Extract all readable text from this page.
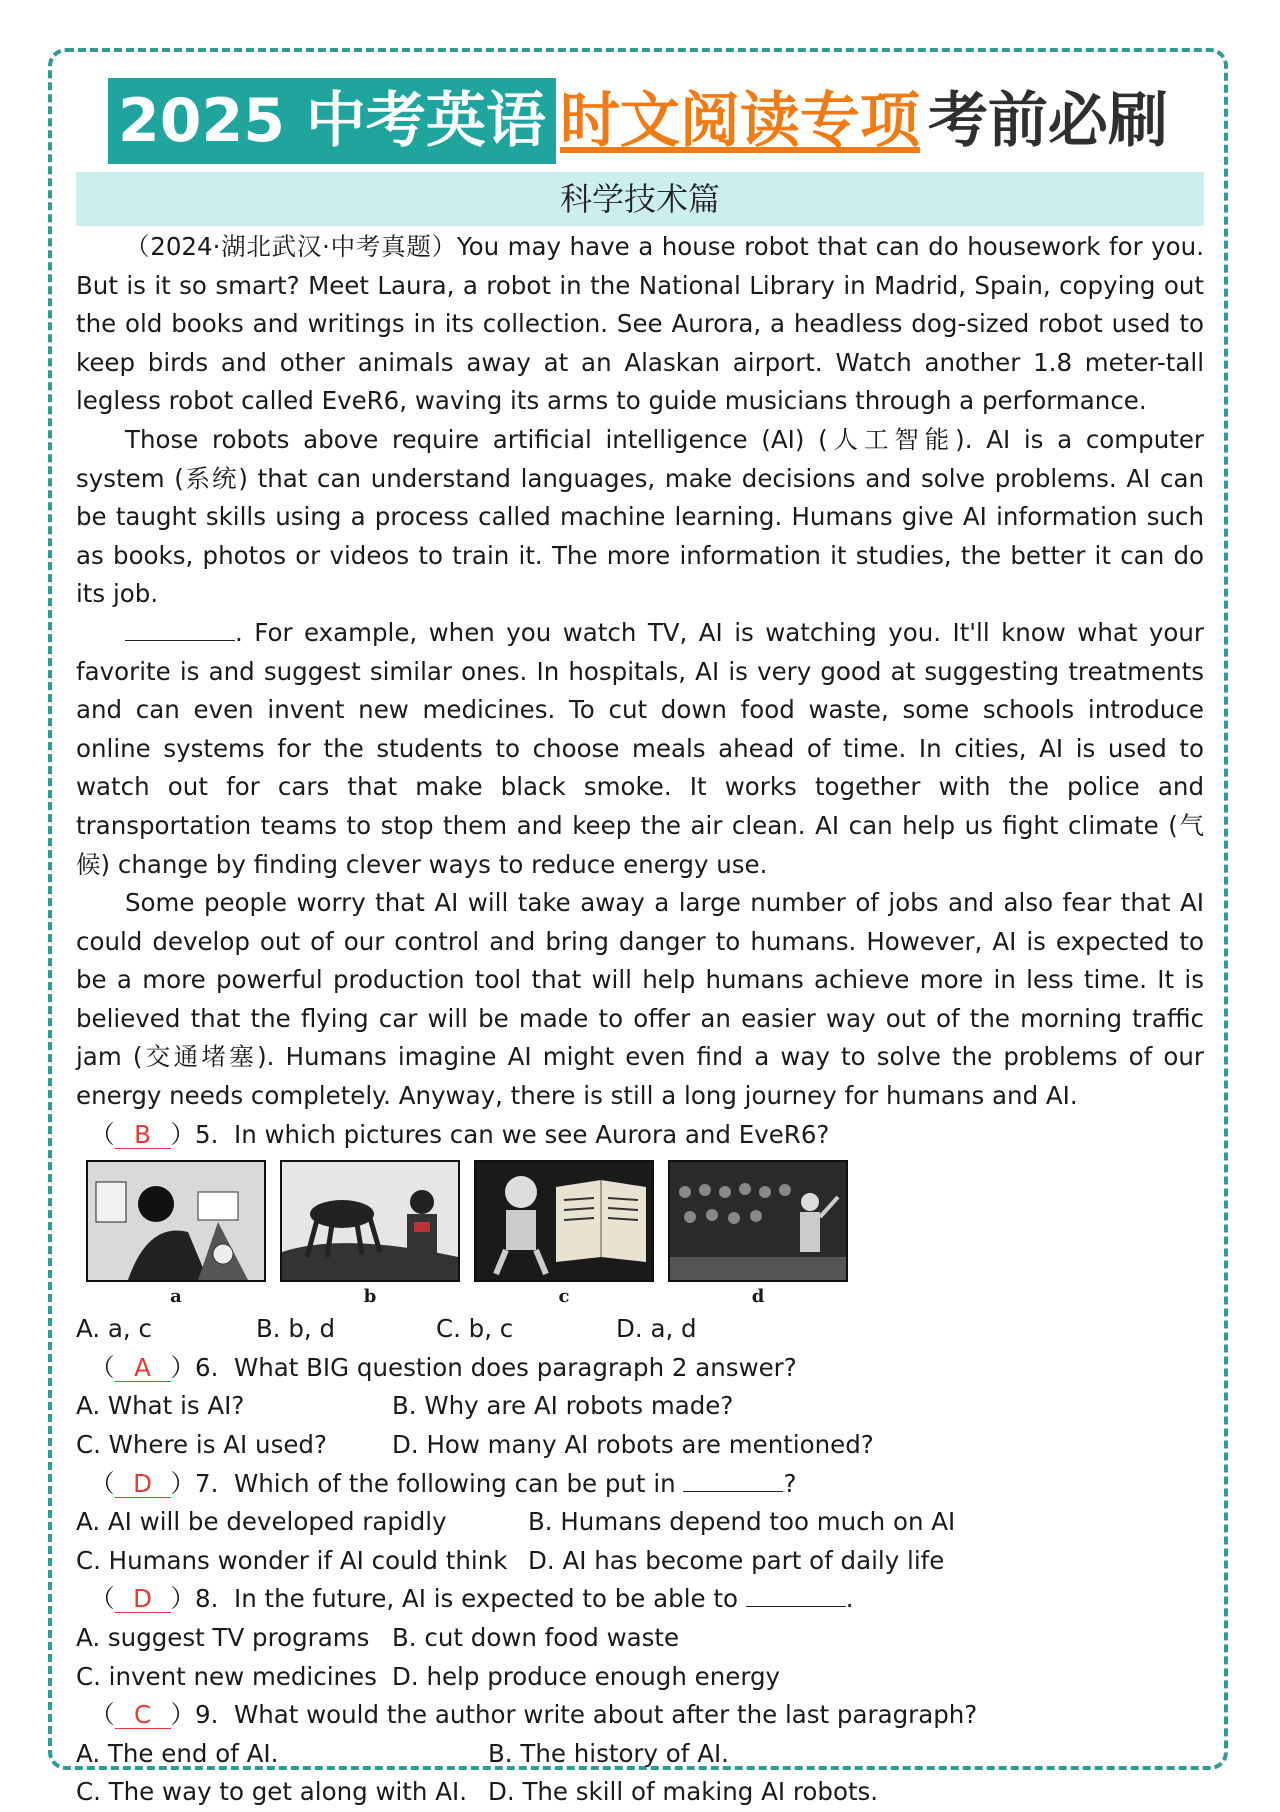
2025 中考英语 时文阅读专项 考前必刷
科学技术篇

（2024·湖北武汉·中考真题）You may have a house robot that can do housework for you. But is it so smart? Meet Laura, a robot in the National Library in Madrid, Spain, copying out the old books and writings in its collection. See Aurora, a headless dog-sized robot used to keep birds and other animals away at an Alaskan airport. Watch another 1.8 meter-tall legless robot called EveR6, waving its arms to guide musicians through a performance.

Those robots above require artificial intelligence (AI) (人工智能). AI is a computer system (系统) that can understand languages, make decisions and solve problems. AI can be taught skills using a process called machine learning. Humans give AI information such as books, photos or videos to train it. The more information it studies, the better it can do its job.

. For example, when you watch TV, AI is watching you. It'll know what your favorite is and suggest similar ones. In hospitals, AI is very good at suggesting treatments and can even invent new medicines. To cut down food waste, some schools introduce online systems for the students to choose meals ahead of time. In cities, AI is used to watch out for cars that make black smoke. It works together with the police and transportation teams to stop them and keep the air clean. AI can help us fight climate (气候) change by finding clever ways to reduce energy use.

Some people worry that AI will take away a large number of jobs and also fear that AI could develop out of our control and bring danger to humans. However, AI is expected to be a more powerful production tool that will help humans achieve more in less time. It is believed that the flying car will be made to offer an easier way out of the morning traffic jam (交通堵塞). Humans imagine AI might even find a way to solve the problems of our energy needs completely. Anyway, there is still a long journey for humans and AI.

（ B ）5. In which pictures can we see Aurora and EveR6?

a	b	c	d
A. a, c	B. b, d	C. b, c	D. a, d

（ A ）6. What BIG question does paragraph 2 answer?

A. What is AI?	B. Why are AI robots made?
C. Where is AI used?	D. How many AI robots are mentioned?

（ D ）7. Which of the following can be put in	?

A. AI will be developed rapidly	B. Humans depend too much on AI
C. Humans wonder if AI could think D. AI has become part of daily life

（ D ）8. In the future, AI is expected to be able to	.

A. suggest TV programs B. cut down food waste
C. invent new medicines D. help produce enough energy

（ C ）9. What would the author write about after the last paragraph?

A. The end of AI.	B. The history of AI.
C. The way to get along with AI. D. The skill of making AI robots.
